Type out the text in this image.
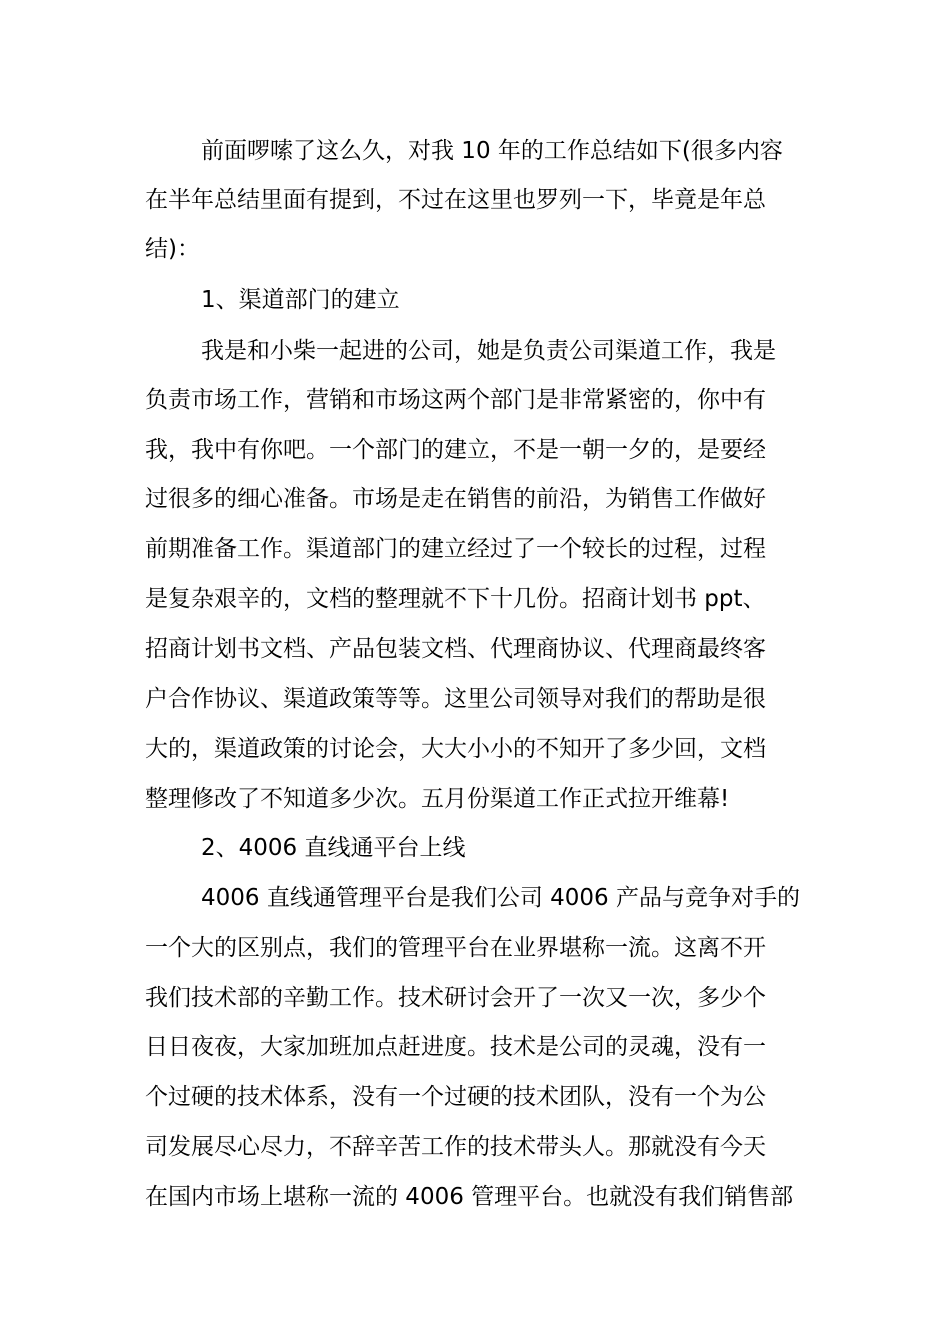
前面啰嗦了这么久，对我 10 年的工作总结如下(很多内容
在半年总结里面有提到，不过在这里也罗列一下，毕竟是年总
结)：
1、渠道部门的建立
我是和小柴一起进的公司，她是负责公司渠道工作，我是
负责市场工作，营销和市场这两个部门是非常紧密的，你中有
我，我中有你吧。一个部门的建立，不是一朝一夕的，是要经
过很多的细心准备。市场是走在销售的前沿，为销售工作做好
前期准备工作。渠道部门的建立经过了一个较长的过程，过程
是复杂艰辛的，文档的整理就不下十几份。招商计划书 ppt、
招商计划书文档、产品包装文档、代理商协议、代理商最终客
户合作协议、渠道政策等等。这里公司领导对我们的帮助是很
大的，渠道政策的讨论会，大大小小的不知开了多少回，文档
整理修改了不知道多少次。五月份渠道工作正式拉开维幕!
2、4006 直线通平台上线
4006 直线通管理平台是我们公司 4006 产品与竞争对手的
一个大的区别点，我们的管理平台在业界堪称一流。这离不开
我们技术部的辛勤工作。技术研讨会开了一次又一次，多少个
日日夜夜，大家加班加点赶进度。技术是公司的灵魂，没有一
个过硬的技术体系，没有一个过硬的技术团队，没有一个为公
司发展尽心尽力，不辞辛苦工作的技术带头人。那就没有今天
在国内市场上堪称一流的 4006 管理平台。也就没有我们销售部
